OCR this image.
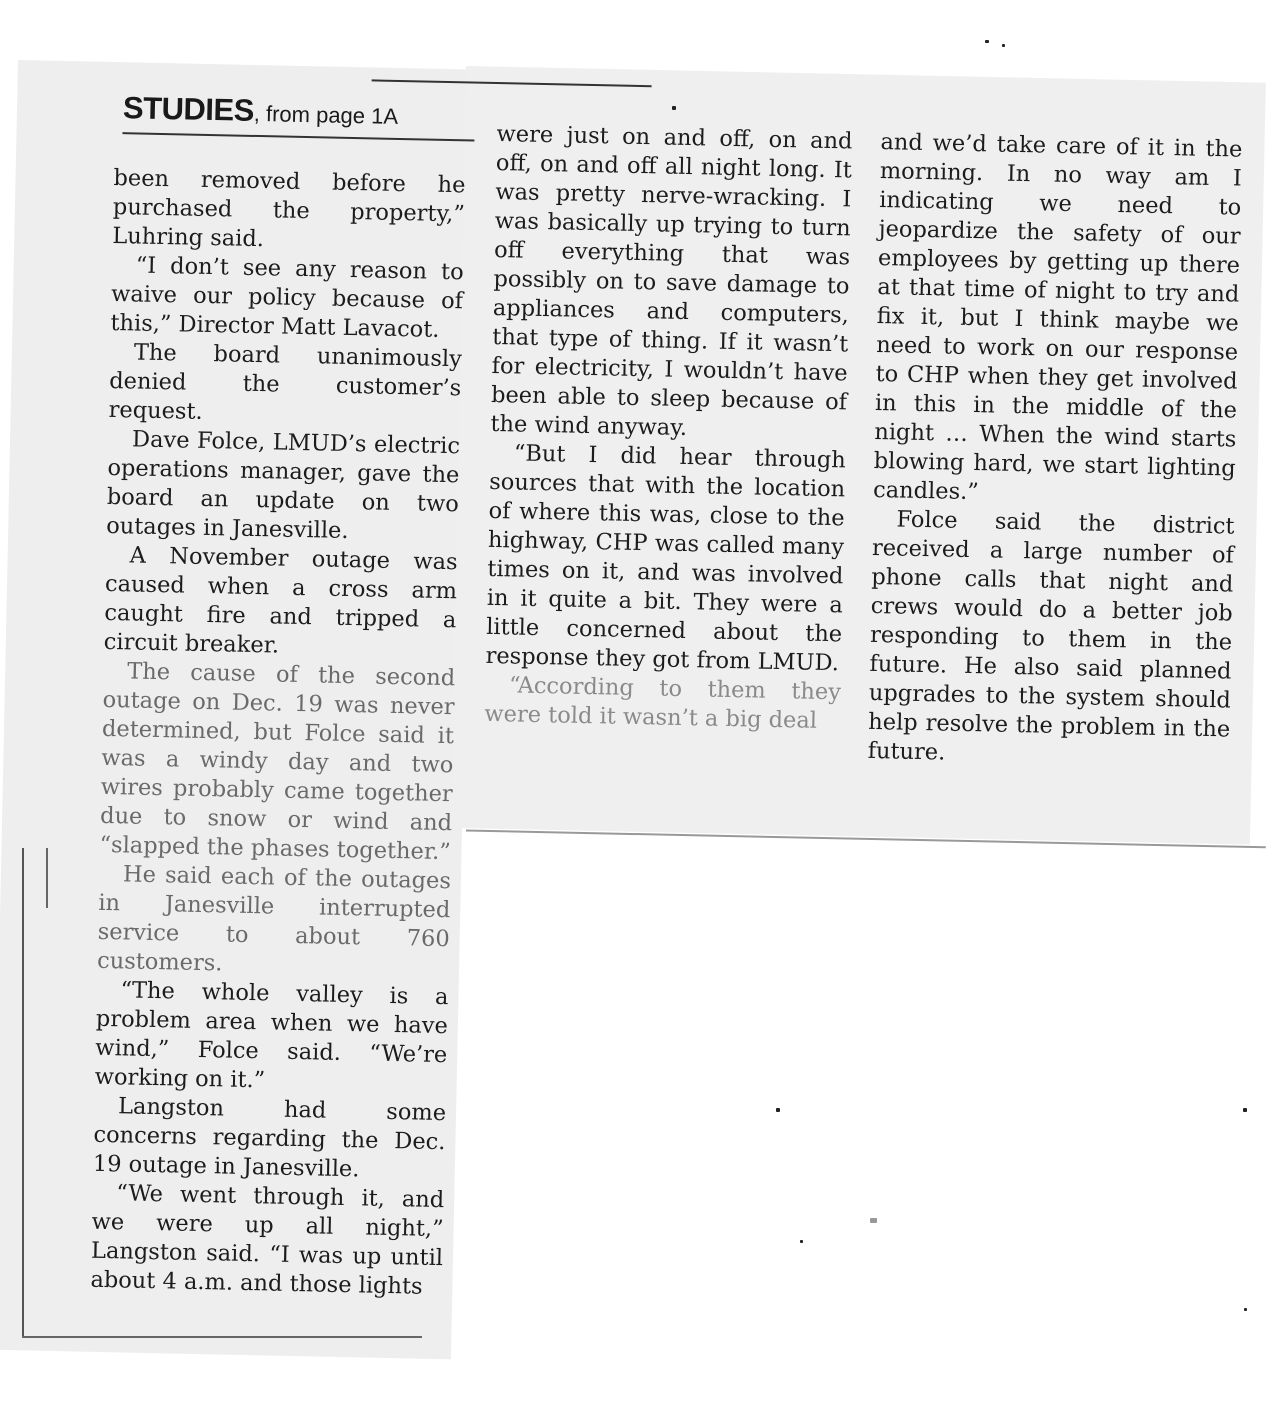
STUDIES, from page 1A

been removed before he purchased the property,” Luhring said.

“I don’t see any reason to waive our policy because of this,” Director Matt Lavacot.

The board unanimously denied the customer’s request.

Dave Folce, LMUD’s electric operations manager, gave the board an update on two outages in Janesville.

A November outage was caused when a cross arm caught fire and tripped a circuit breaker.

The cause of the second outage on Dec. 19 was never determined, but Folce said it was a windy day and two wires probably came together due to snow or wind and “slapped the phases together.”

He said each of the outages in Janesville interrupted service to about 760 customers.

“The whole valley is a problem area when we have wind,” Folce said. “We’re working on it.”

Langston had some concerns regarding the Dec. 19 outage in Janesville.

“We went through it, and we were up all night,” Langston said. “I was up until about 4 a.m. and those lights

were just on and off, on and off, on and off all night long. It was pretty nerve-wracking. I was basically up trying to turn off everything that was possibly on to save damage to appliances and computers, that type of thing. If it wasn’t for electricity, I wouldn’t have been able to sleep because of the wind anyway.

“But I did hear through sources that with the location of where this was, close to the highway, CHP was called many times on it, and was involved in it quite a bit. They were a little concerned about the response they got from LMUD.

“According to them they were told it wasn’t a big deal

and we’d take care of it in the morning. In no way am I indicating we need to jeopardize the safety of our employees by getting up there at that time of night to try and fix it, but I think maybe we need to work on our response to CHP when they get involved in this in the middle of the night … When the wind starts blowing hard, we start lighting candles.”

Folce said the district received a large number of phone calls that night and crews would do a better job responding to them in the future. He also said planned upgrades to the system should help resolve the problem in the future.
